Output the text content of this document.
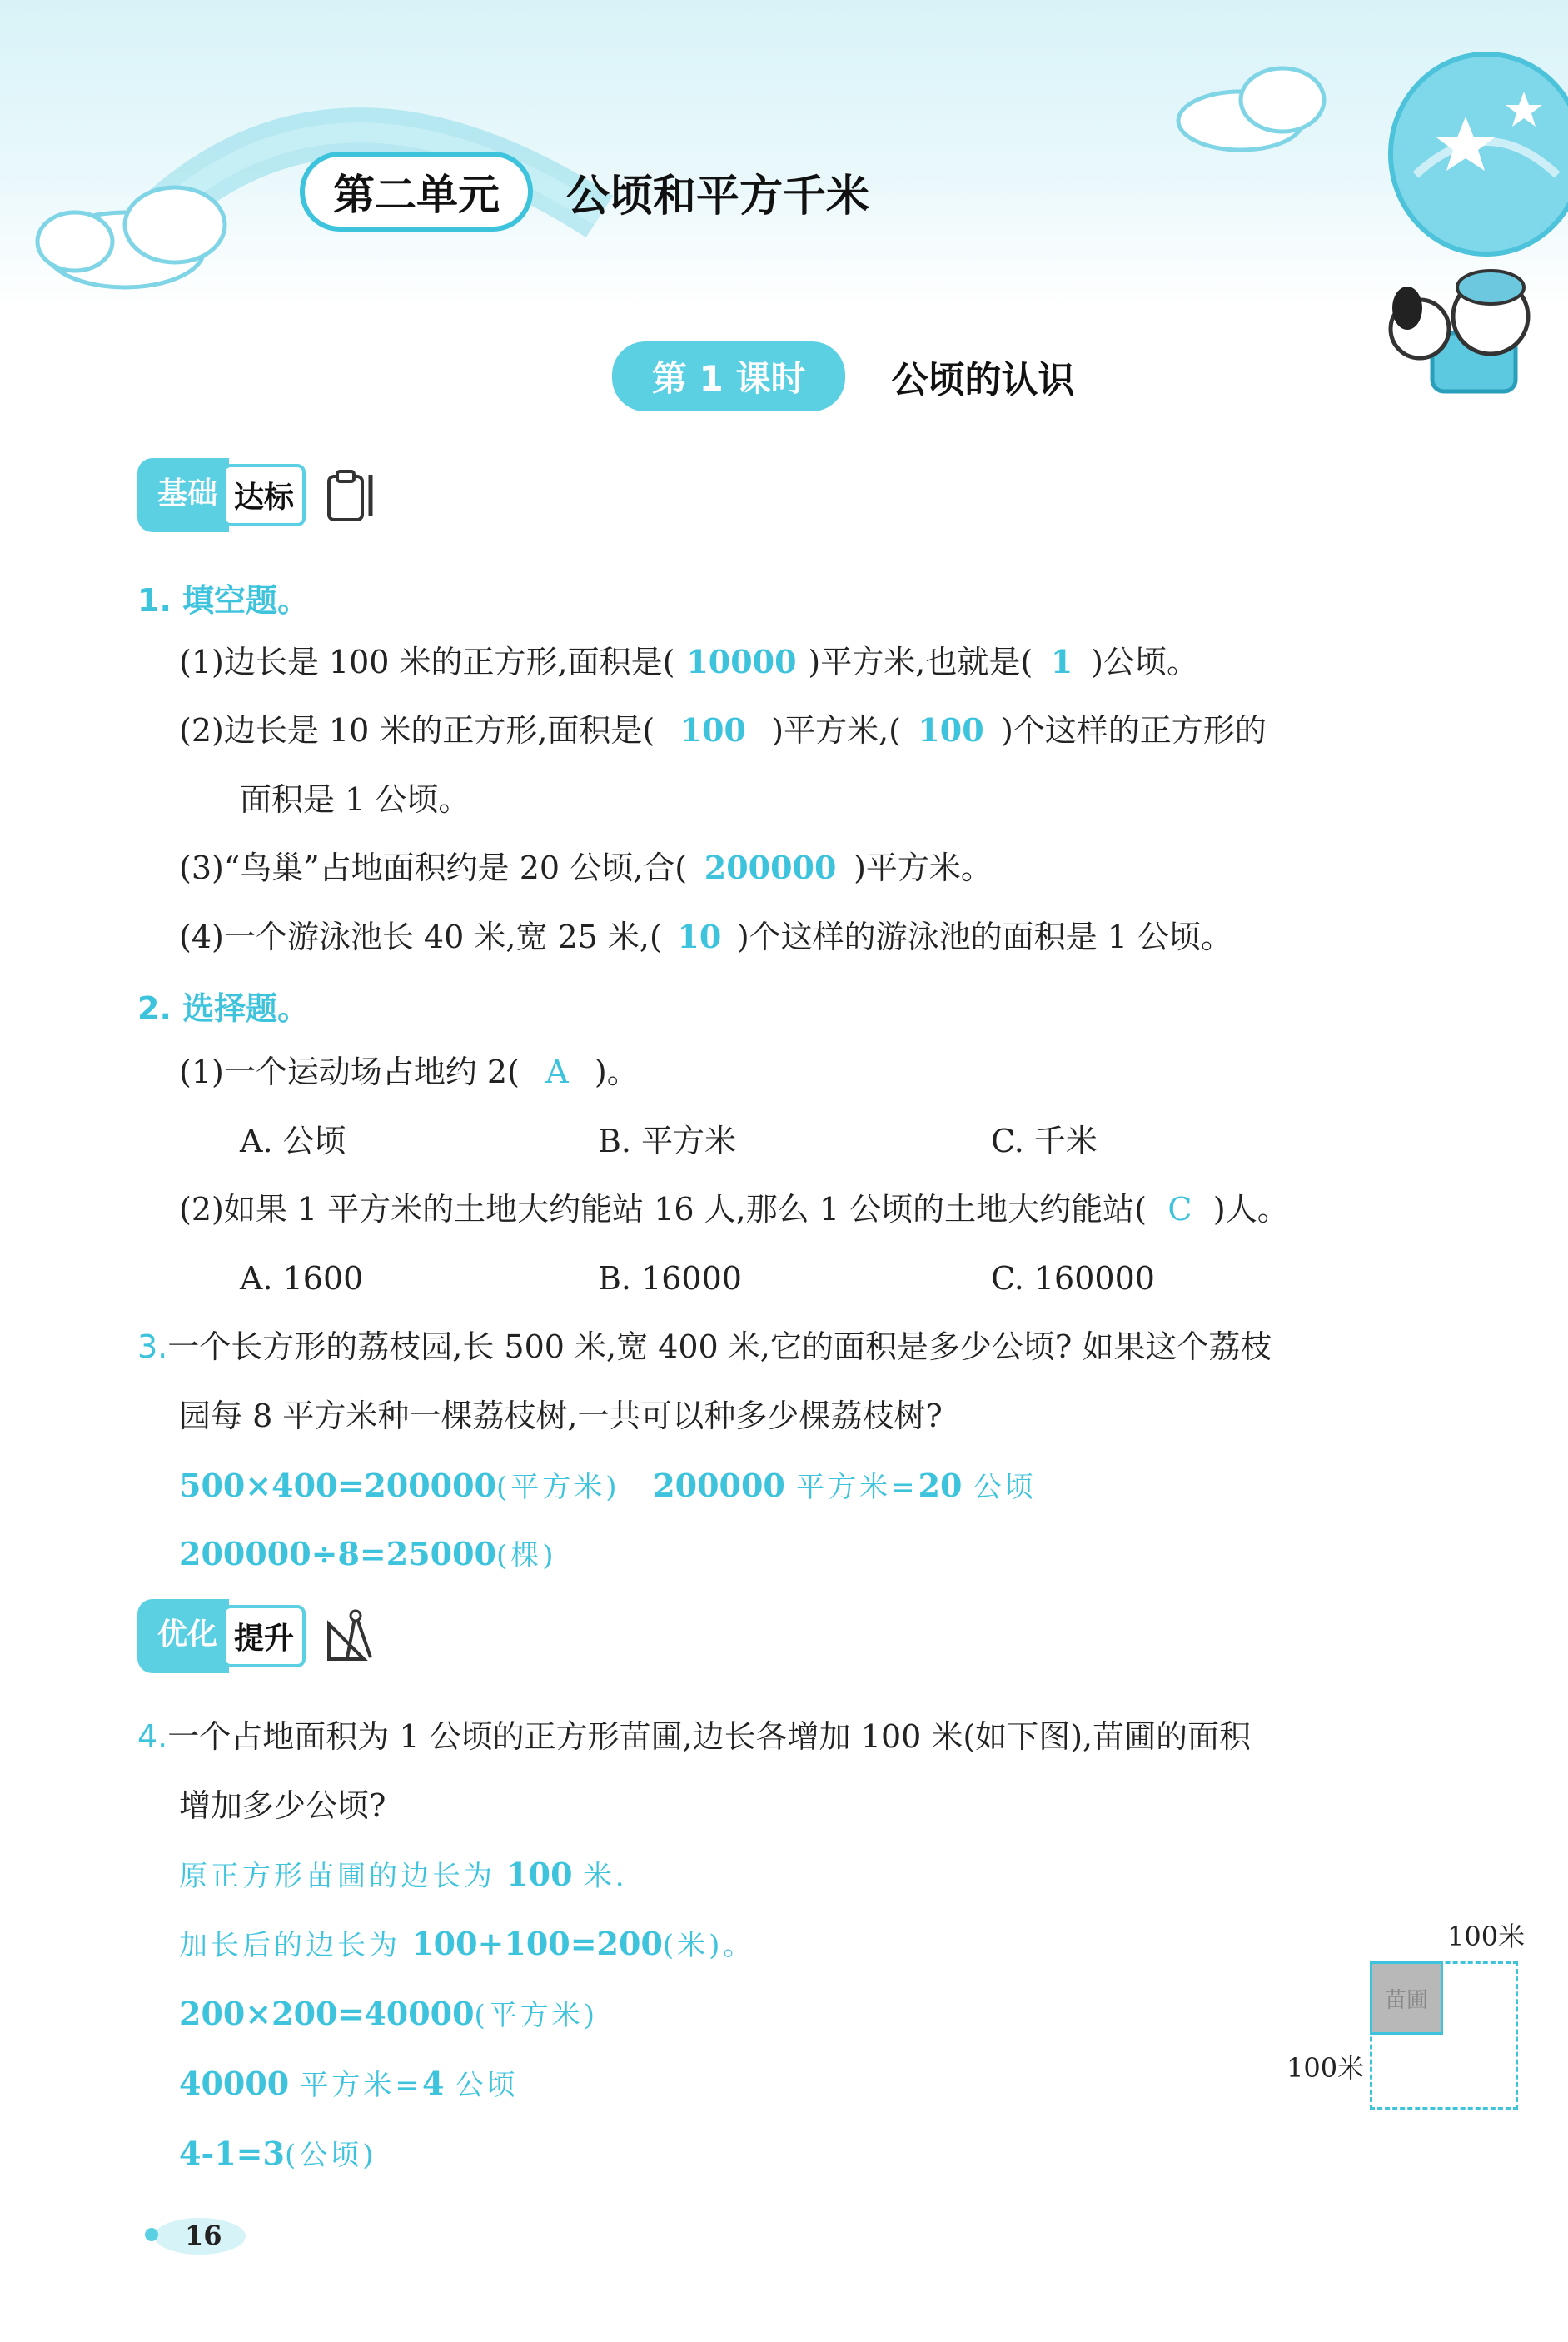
第二单元	公顷和平方千米
第 1 课时	公顷的认识
基础 达标
1. 填空题。
(1)边长是 100 米的正方形,面积是( 10000 )平方米,也就是( 1 )公顷。
(2)边长是 10 米的正方形,面积是( 100 )平方米,( 100 )个这样的正方形的
面积是 1 公顷。
(3)“鸟巢”占地面积约是 20 公顷,合( 200000 )平方米。
(4)一个游泳池长 40 米,宽 25 米,( 10 )个这样的游泳池的面积是 1 公顷。
2. 选择题。
(1)一个运动场占地约 2( A )。
A. 公顷	B. 平方米	C. 千米
(2)如果 1 平方米的土地大约能站 16 人,那么 1 公顷的土地大约能站( C )人。
A. 1600	B. 16000	C. 160000
3.一个长方形的荔枝园,长 500 米,宽 400 米,它的面积是多少公顷? 如果这个荔枝
园每 8 平方米种一棵荔枝树,一共可以种多少棵荔枝树?
500×400=200000(平方米) 200000 平方米=20 公顷
200000÷8=25000(棵)
优化 提升
4.一个占地面积为 1 公顷的正方形苗圃,边长各增加 100 米(如下图),苗圃的面积
增加多少公顷?
原正方形苗圃的边长为 100 米.
加长后的边长为 100+100=200(米)。
200×200=40000(平方米)
40000 平方米=4 公顷
4-1=3(公顷)
100米
100米
苗圃
16
